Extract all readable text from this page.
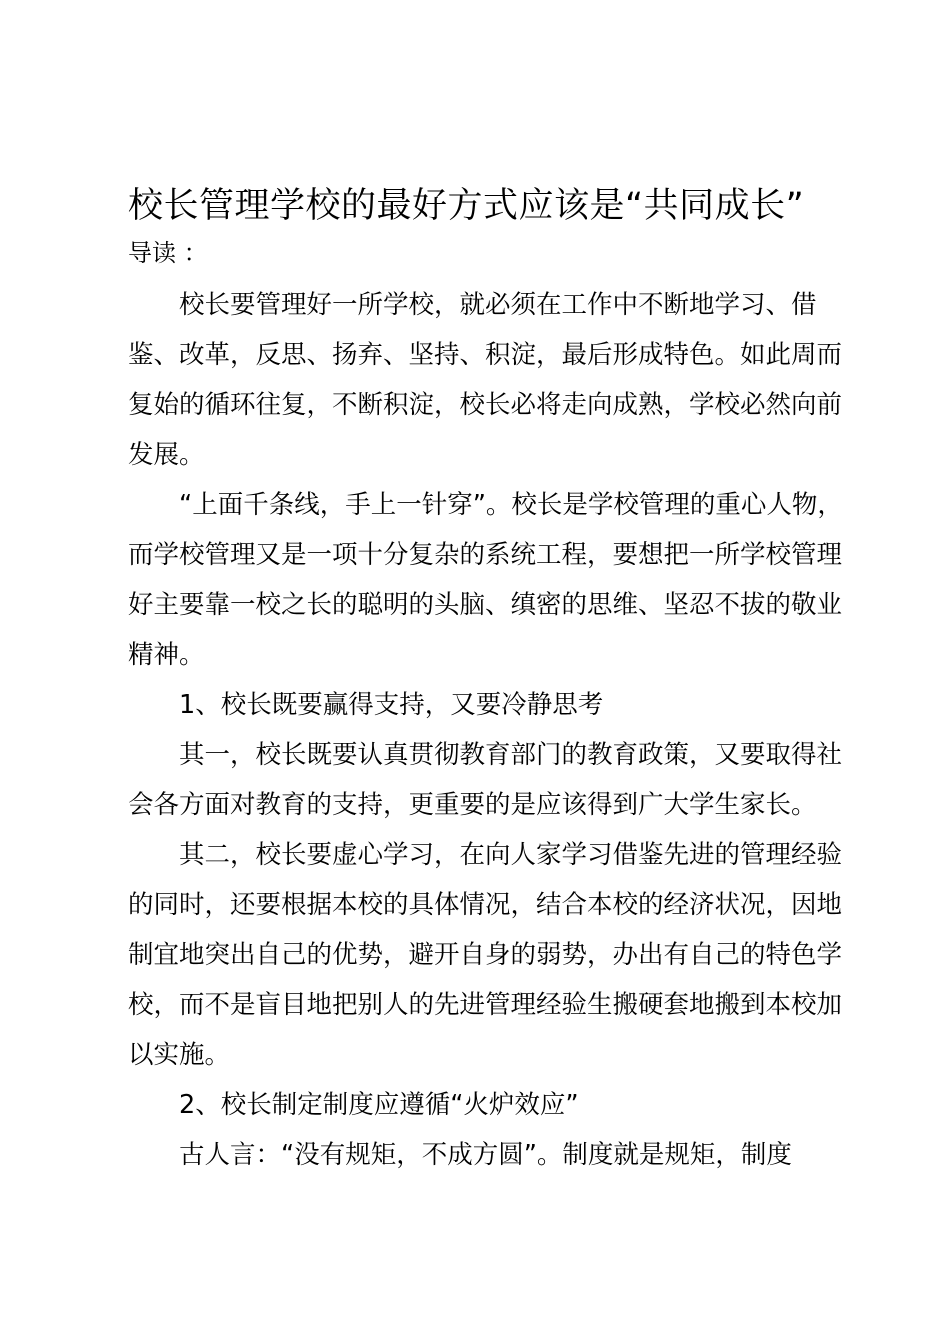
校长管理学校的最好方式应该是“共同成长”
导读 ：

校长要管理好一所学校，就必须在工作中不断地学习、借鉴、改革，反思、扬弃、坚持、积淀，最后形成特色。如此周而复始的循环往复，不断积淀，校长必将走向成熟，学校必然向前发展。

“上面千条线，手上一针穿”。校长是学校管理的重心人物，而学校管理又是一项十分复杂的系统工程，要想把一所学校管理好主要靠一校之长的聪明的头脑、缜密的思维、坚忍不拔的敬业精神。

1、校长既要赢得支持，又要冷静思考

其一，校长既要认真贯彻教育部门的教育政策，又要取得社会各方面对教育的支持，更重要的是应该得到广大学生家长。

其二，校长要虚心学习，在向人家学习借鉴先进的管理经验的同时，还要根据本校的具体情况，结合本校的经济状况，因地制宜地突出自己的优势，避开自身的弱势，办出有自己的特色学校，而不是盲目地把别人的先进管理经验生搬硬套地搬到本校加以实施。

2、校长制定制度应遵循“火炉效应”

古人言：“没有规矩，不成方圆”。制度就是规矩，制度
